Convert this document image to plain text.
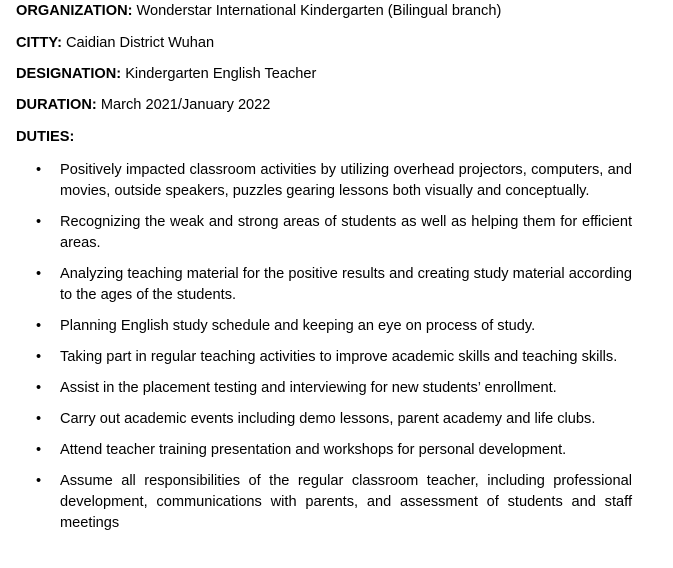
ORGANIZATION: Wonderstar International Kindergarten (Bilingual branch)

CITTY: Caidian District Wuhan

DESIGNATION: Kindergarten English Teacher

DURATION: March 2021/January 2022

DUTIES:

• Positively impacted classroom activities by utilizing overhead projectors, computers, and movies, outside speakers, puzzles gearing lessons both visually and conceptually.
• Recognizing the weak and strong areas of students as well as helping them for efficient areas.
• Analyzing teaching material for the positive results and creating study material according to the ages of the students.
• Planning English study schedule and keeping an eye on process of study.
• Taking part in regular teaching activities to improve academic skills and teaching skills.
• Assist in the placement testing and interviewing for new students’ enrollment.
• Carry out academic events including demo lessons, parent academy and life clubs.
• Attend teacher training presentation and workshops for personal development.
• Assume all responsibilities of the regular classroom teacher, including professional development, communications with parents, and assessment of students and staff meetings
